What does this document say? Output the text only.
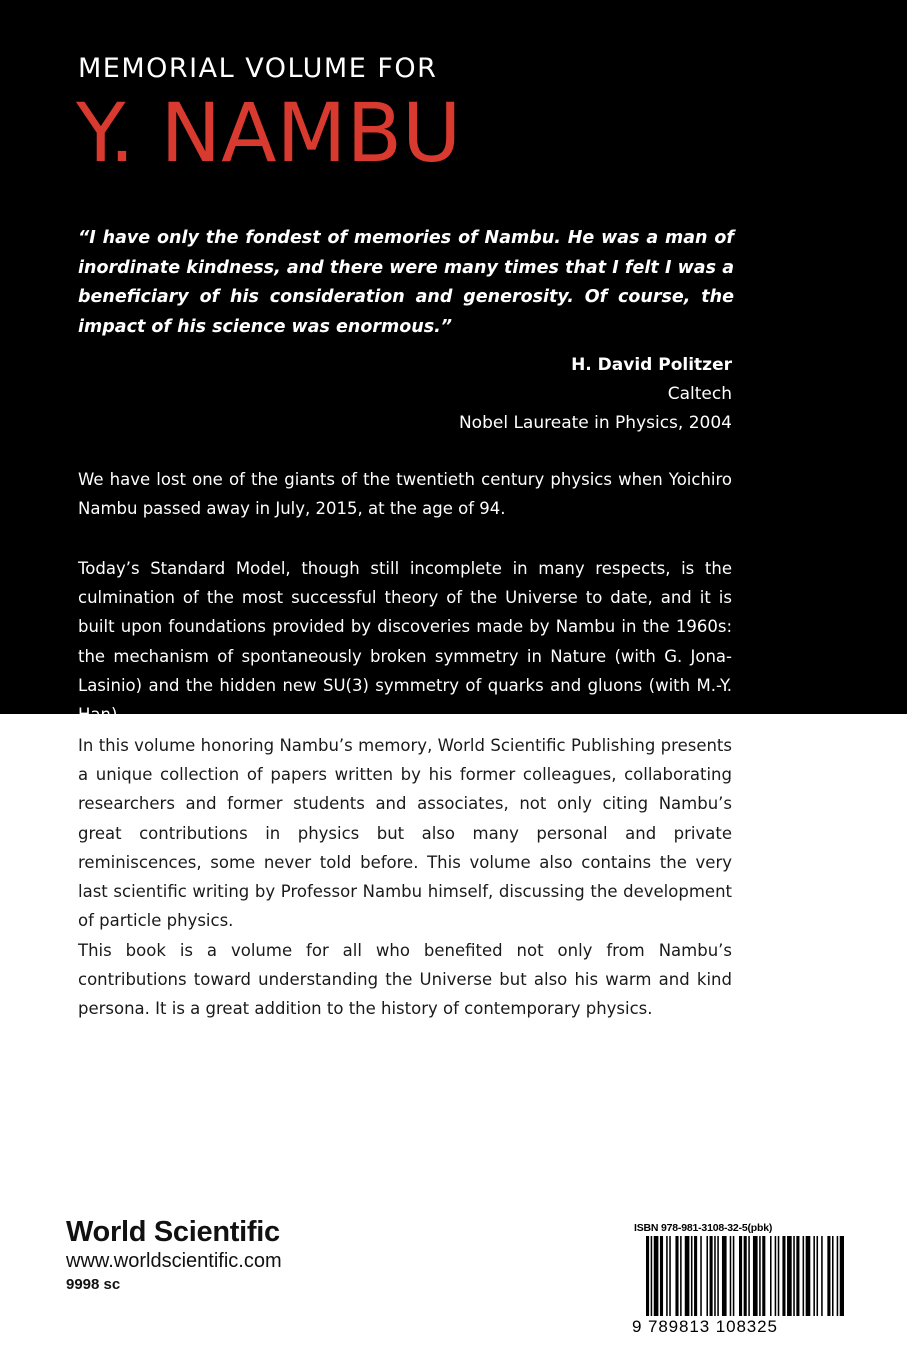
MEMORIAL VOLUME FOR
Y. NAMBU

“I have only the fondest of memories of Nambu. He was a man of inordinate kindness, and there were many times that I felt I was a beneficiary of his consideration and generosity. Of course, the impact of his science was enormous.”

H. David Politzer
Caltech
Nobel Laureate in Physics, 2004

We have lost one of the giants of the twentieth century physics when Yoichiro Nambu passed away in July, 2015, at the age of 94.

Today’s Standard Model, though still incomplete in many respects, is the culmination of the most successful theory of the Universe to date, and it is built upon foundations provided by discoveries made by Nambu in the 1960s: the mechanism of spontaneously broken symmetry in Nature (with G. Jona-Lasinio) and the hidden new SU(3) symmetry of quarks and gluons (with M.-Y. Han).

In this volume honoring Nambu’s memory, World Scientific Publishing presents a unique collection of papers written by his former colleagues, collaborating researchers and former students and associates, not only citing Nambu’s great contributions in physics but also many personal and private reminiscences, some never told before. This volume also contains the very last scientific writing by Professor Nambu himself, discussing the development of particle physics.

This book is a volume for all who benefited not only from Nambu’s contributions toward understanding the Universe but also his warm and kind persona. It is a great addition to the history of contemporary physics.

World Scientific
www.worldscientific.com
9998 sc
ISBN 978-981-3108-32-5(pbk)
9 789813 108325
